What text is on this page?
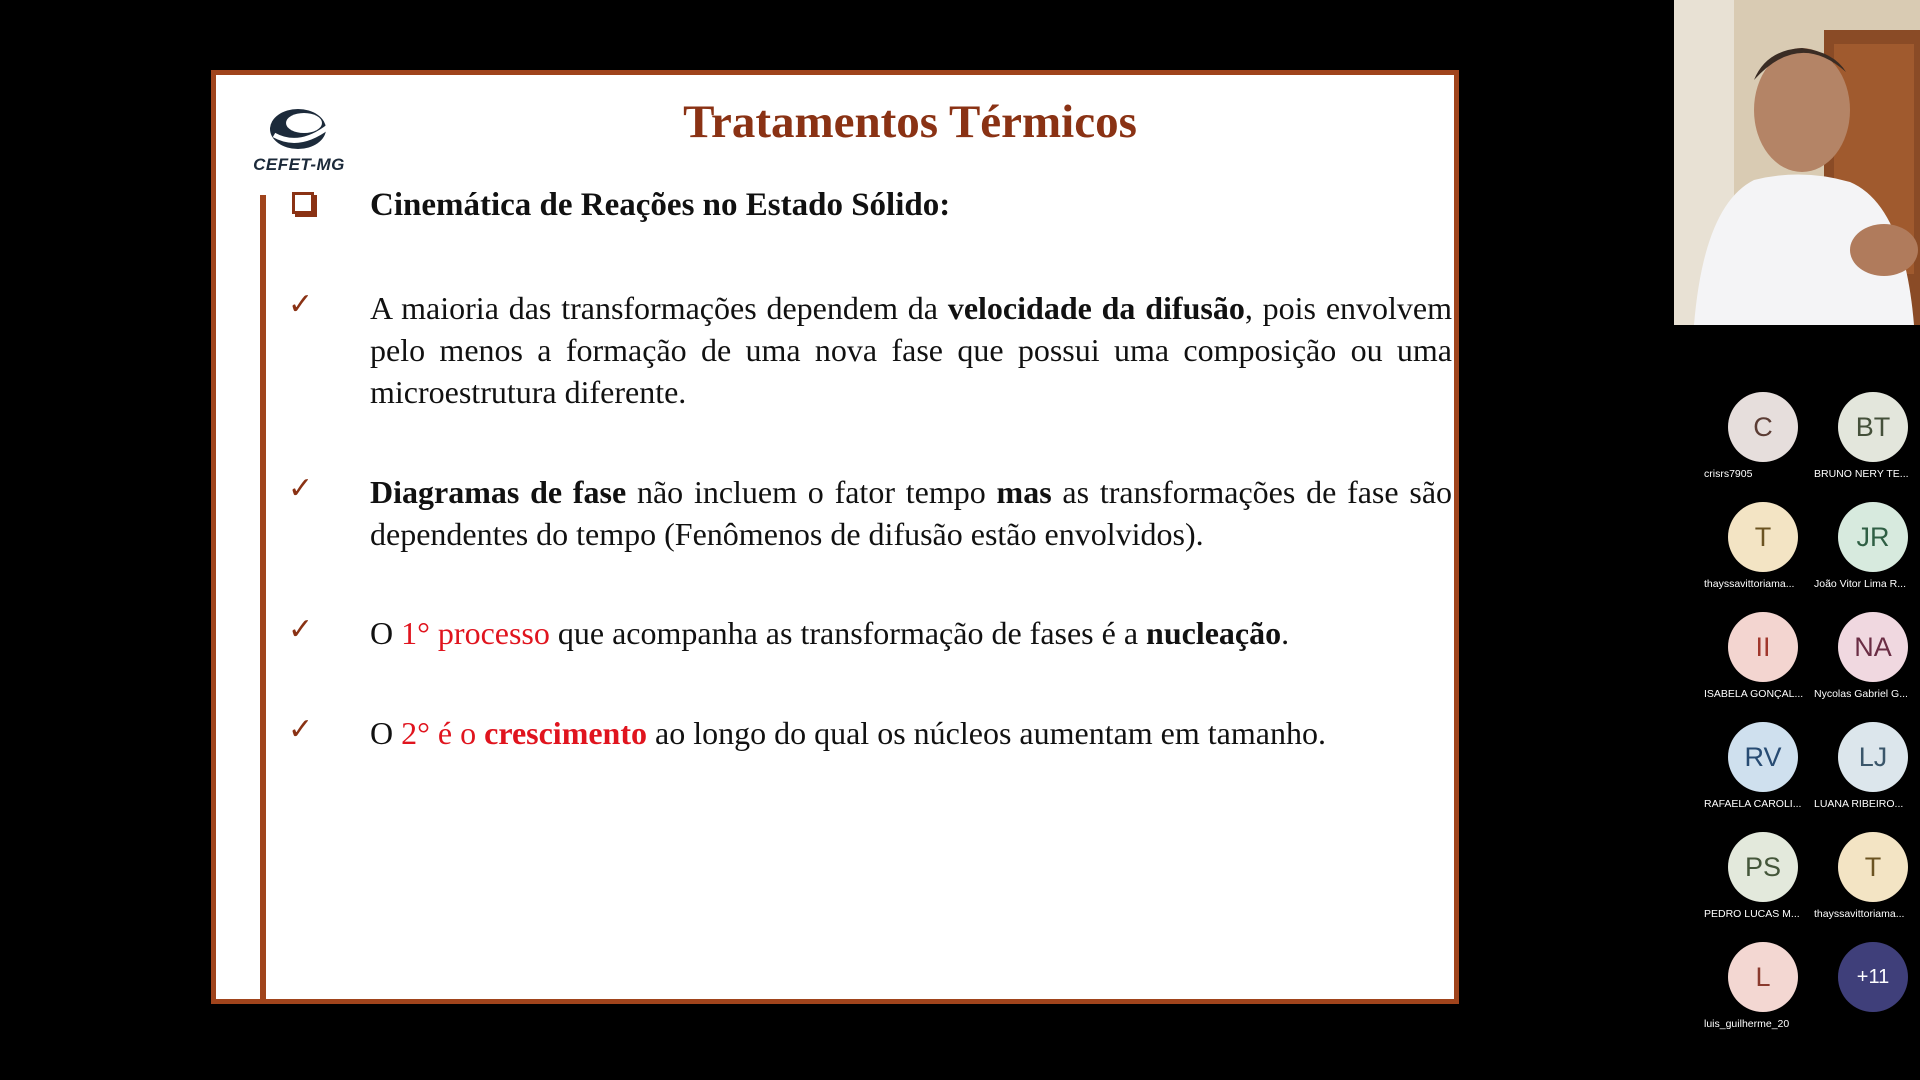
CEFET-MG
Tratamentos Térmicos
Cinemática de Reações no Estado Sólido:
✓ A maioria das transformações dependem da velocidade da difusão, pois envolvem pelo menos a formação de uma nova fase que possui uma composição ou uma microestrutura diferente.
✓ Diagramas de fase não incluem o fator tempo mas as transformações de fase são dependentes do tempo (Fenômenos de difusão estão envolvidos).
✓ O 1° processo que acompanha as transformação de fases é a nucleação.
✓ O 2° é o crescimento ao longo do qual os núcleos aumentam em tamanho.
C
crisrs7905
BT
BRUNO NERY TE...
T
thayssavittoriama...
JR
João Vitor Lima R...
II
ISABELA GONÇAL...
NA
Nycolas Gabriel G...
RV
RAFAELA CAROLI...
LJ
LUANA RIBEIRO...
PS
PEDRO LUCAS M...
T
thayssavittoriama...
L
luis_guilherme_20
+11
